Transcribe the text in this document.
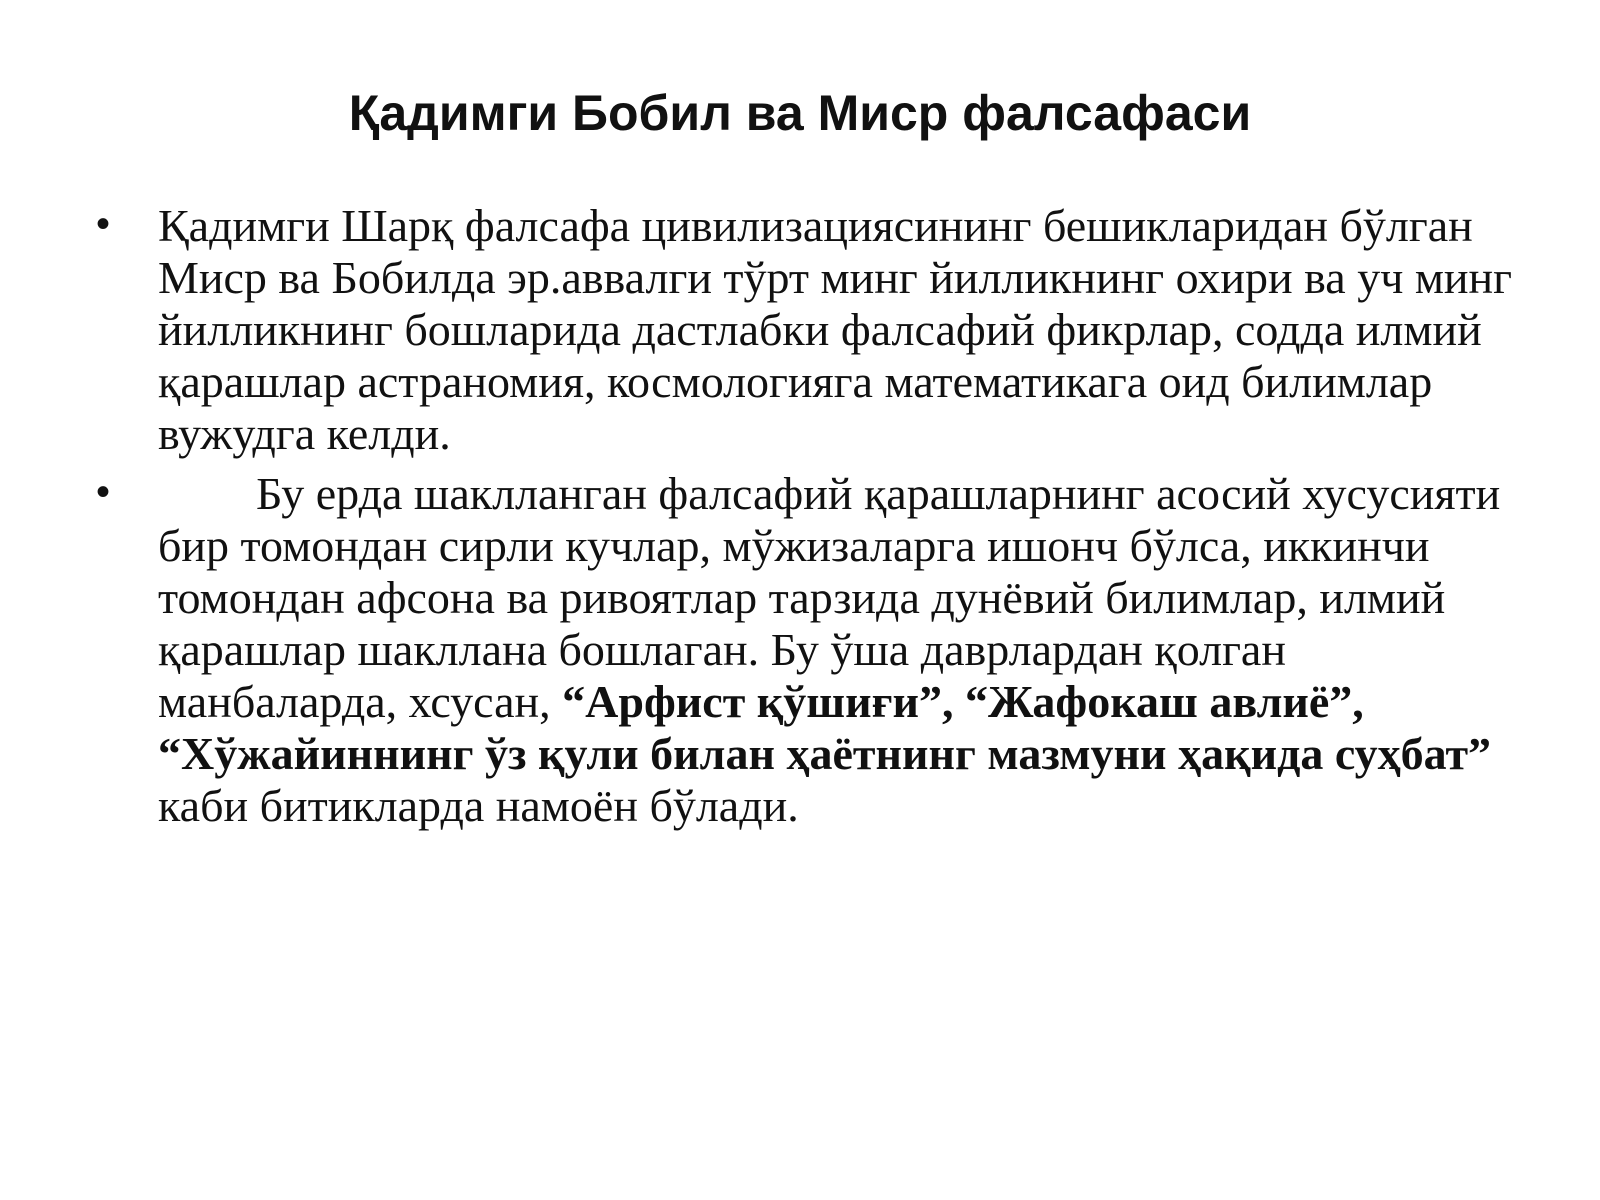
Қадимги Бобил ва Миср фалсафаси
• Қадимги Шарқ фалсафа цивилизациясининг бешикларидан бўлган Миср ва Бобилда эр.аввалги тўрт минг йилликнинг охири ва уч минг йилликнинг бошларида дастлабки фалсафий фикрлар, содда илмий қарашлар астраномия, космологияга математикага оид билимлар вужудга келди.
•	Бу ерда шаклланган фалсафий қарашларнинг асосий хусусияти бир томондан сирли кучлар, мўжизаларга ишонч бўлса, иккинчи томондан афсона ва ривоятлар тарзида дунёвий билимлар, илмий қарашлар шакллана бошлаган. Бу ўша даврлардан қолган манбаларда, хсусан, “Арфист қўшиғи”, “Жафокаш авлиё”, “Хўжайиннинг ўз қули билан ҳаётнинг мазмуни ҳақида суҳбат” каби битикларда намоён бўлади.
